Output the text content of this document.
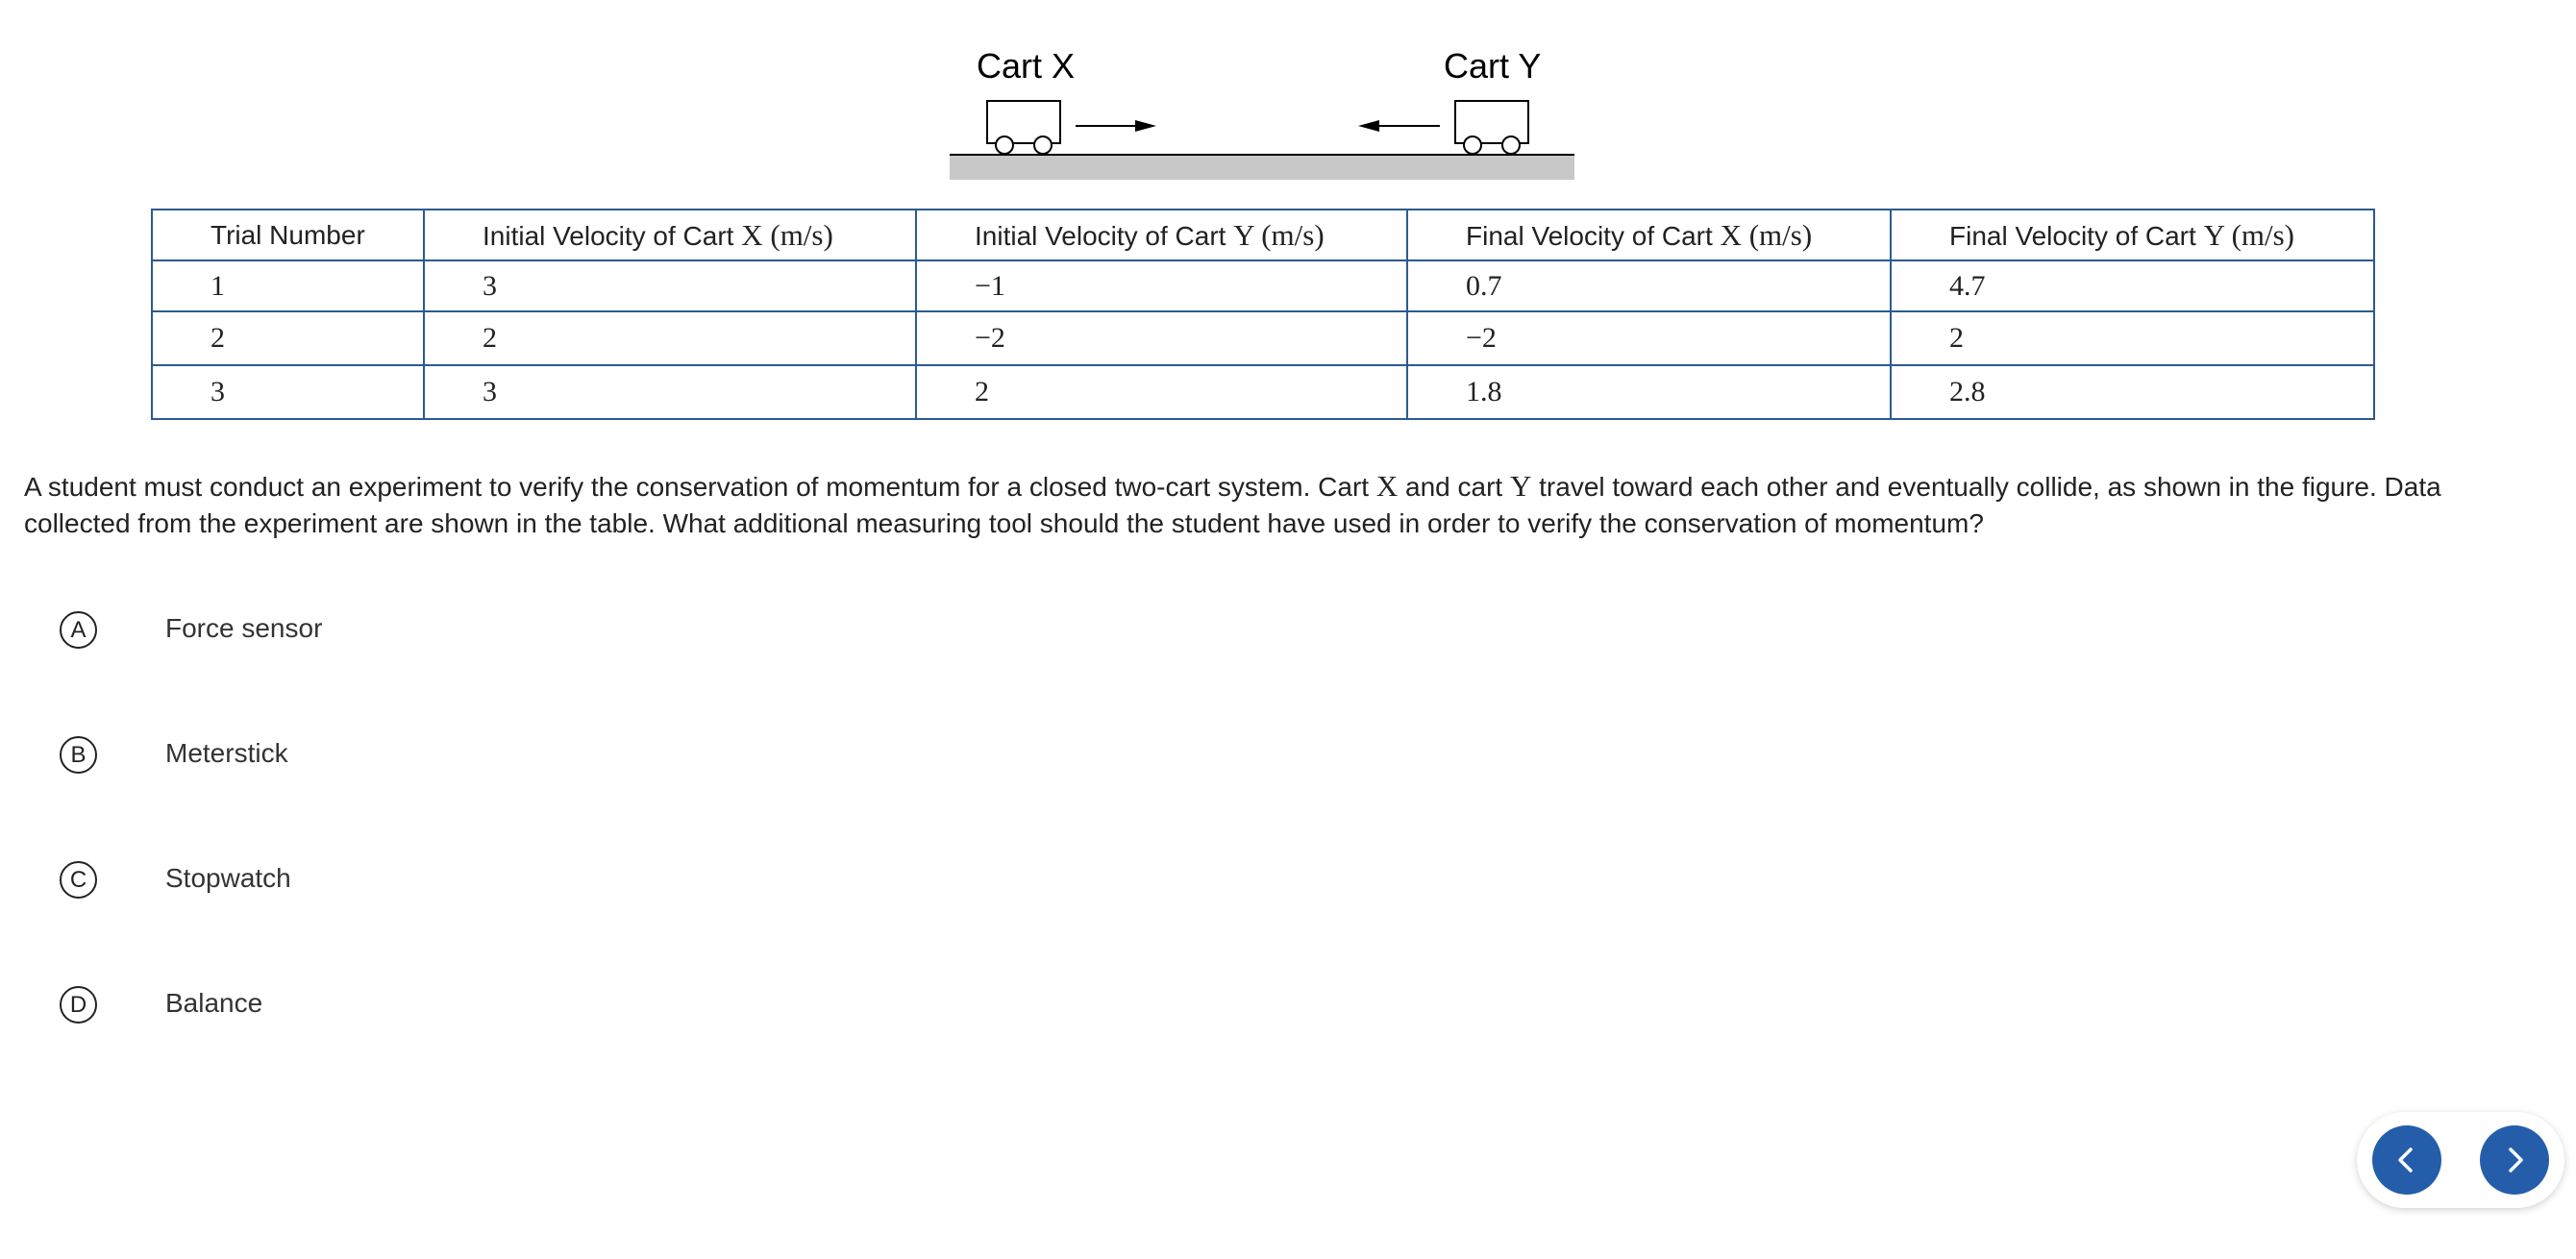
Cart X	Cart Y
Trial Number	Initial Velocity of Cart X (m/s)	Initial Velocity of Cart Y (m/s)	Final Velocity of Cart X (m/s)	Final Velocity of Cart Y (m/s)
1	3	−1	0.7	4.7
2	2	−2	−2	2
3	3	2	1.8	2.8

A student must conduct an experiment to verify the conservation of momentum for a closed two-cart system. Cart X and cart Y travel toward each other and eventually collide, as shown in the figure. Data collected from the experiment are shown in the table. What additional measuring tool should the student have used in order to verify the conservation of momentum?

A	Force sensor
B	Meterstick
C	Stopwatch
D	Balance
